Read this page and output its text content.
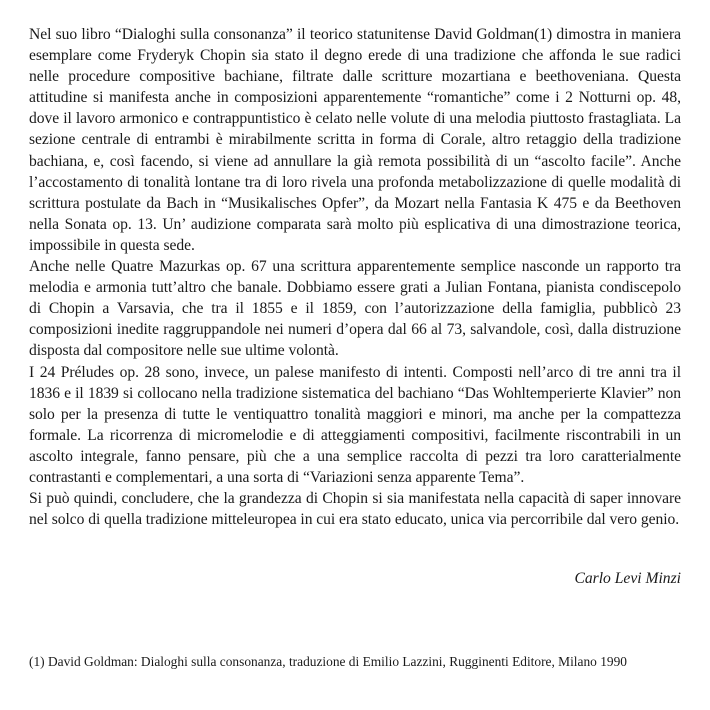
Nel suo libro “Dialoghi sulla consonanza” il teorico statunitense David Goldman(1) dimostra in maniera esemplare come Fryderyk Chopin sia stato il degno erede di una tradizione che affonda le sue radici nelle procedure compositive bachiane, filtrate dalle scritture mozartiana e beethoveniana. Questa attitudine si manifesta anche in composizioni apparentemente “romantiche” come i 2 Notturni op. 48, dove il lavoro armonico e contrappuntistico è celato nelle volute di una melodia piuttosto frastagliata. La sezione centrale di entrambi è mirabilmente scritta in forma di Corale, altro retaggio della tradizione bachiana, e, così facendo, si viene ad annullare la già remota possibilità di un “ascolto facile”. Anche l’accostamento di tonalità lontane tra di loro rivela una profonda metabolizzazione di quelle modalità di scrittura postulate da Bach in “Musikalisches Opfer”, da Mozart nella Fantasia K 475 e da Beethoven nella Sonata op. 13. Un’ audizione comparata sarà molto più esplicativa di una dimostrazione teorica, impossibile in questa sede.

Anche nelle Quatre Mazurkas op. 67 una scrittura apparentemente semplice nasconde un rapporto tra melodia e armonia tutt’altro che banale. Dobbiamo essere grati a Julian Fontana, pianista condiscepolo di Chopin a Varsavia, che tra il 1855 e il 1859, con l’autorizzazione della famiglia, pubblicò 23 composizioni inedite raggruppandole nei numeri d’opera dal 66 al 73, salvandole, così, dalla distruzione disposta dal compositore nelle sue ultime volontà.

I 24 Préludes op. 28 sono, invece, un palese manifesto di intenti. Composti nell’arco di tre anni tra il 1836 e il 1839 si collocano nella tradizione sistematica del bachiano “Das Wohltemperierte Klavier” non solo per la presenza di tutte le ventiquattro tonalità maggiori e minori, ma anche per la compattezza formale. La ricorrenza di micromelodie e di atteggiamenti compositivi, facilmente riscontrabili in un ascolto integrale, fanno pensare, più che a una semplice raccolta di pezzi tra loro caratterialmente contrastanti e complementari, a una sorta di “Variazioni senza apparente Tema”.

Si può quindi, concludere, che la grandezza di Chopin si sia manifestata nella capacità di saper innovare nel solco di quella tradizione mitteleuropea in cui era stato educato, unica via percorribile dal vero genio.

Carlo Levi Minzi
(1) David Goldman: Dialoghi sulla consonanza, traduzione di Emilio Lazzini, Rugginenti Editore, Milano 1990
